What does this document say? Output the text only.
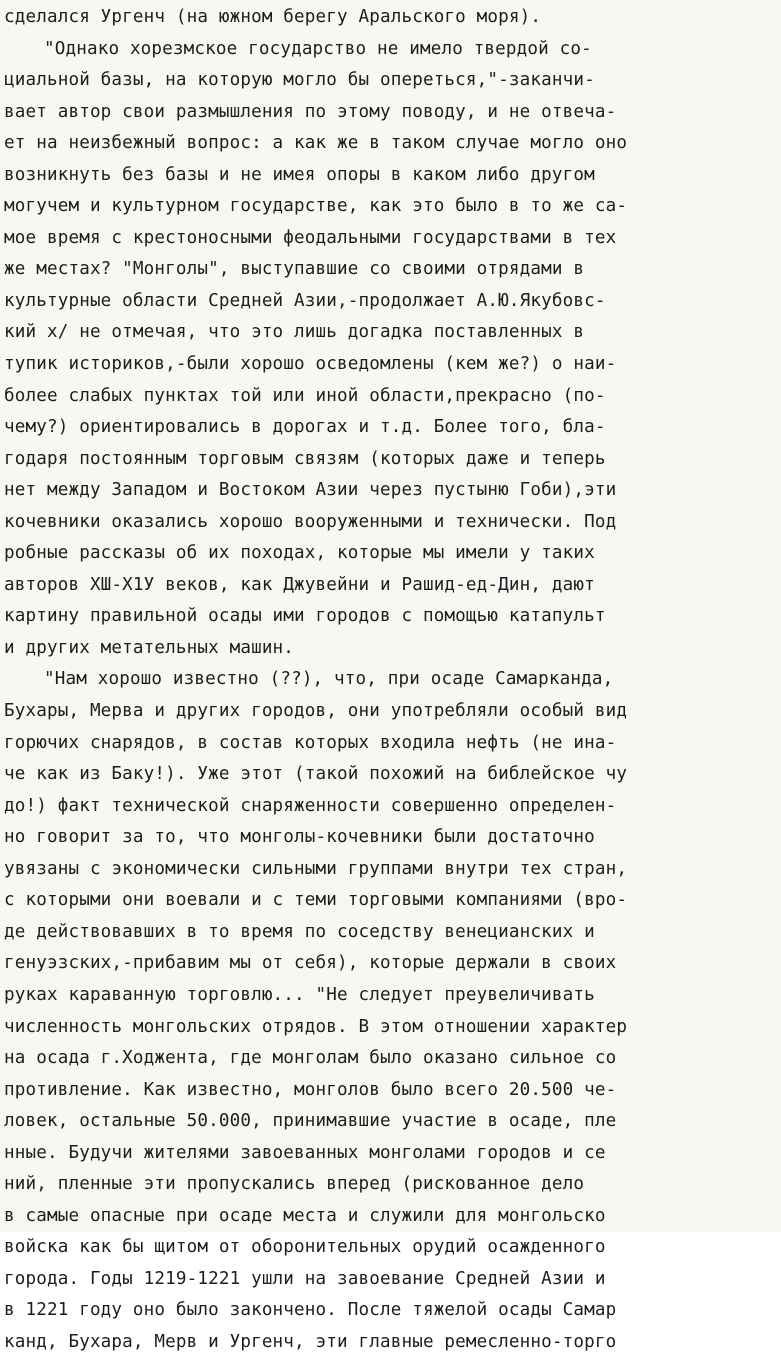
сделался Ургенч (на южном берегу Аральского моря).
"Однако хорезмское государство не имело твердой со-
циальной базы, на которую могло бы опереться,"-заканчи-
вает автор свои размышления по этому поводу, и не отвеча-
ет на неизбежный вопрос: а как же в таком случае могло оно
возникнуть без базы и не имея опоры в каком либо другом
могучем и культурном государстве, как это было в то же са-
мое время с крестоносными феодальными государствами в тех
же местах? "Монголы", выступавшие со своими отрядами в
культурные области Средней Азии,-продолжает А.Ю.Якубовс-
кий х/ не отмечая, что это лишь догадка поставленных в
тупик историков,-были хорошо осведомлены (кем же?) о наи-
более слабых пунктах той или иной области,прекрасно (по-
чему?) ориентировались в дорогах и т.д. Более того, бла-
годаря постоянным торговым связям (которых даже и теперь
нет между Западом и Востоком Азии через пустыню Гоби),эти
кочевники оказались хорошо вооруженными и технически. Под
робные рассказы об их походах, которые мы имели у таких
авторов ХШ-Х1У веков, как Джувейни и Рашид-ед-Дин, дают
картину правильной осады ими городов с помощью катапульт
и других метательных машин.
"Нам хорошо известно (??), что, при осаде Самарканда,
Бухары, Мерва и других городов, они употребляли особый вид
горючих снарядов, в состав которых входила нефть (не ина-
че как из Баку!). Уже этот (такой похожий на библейское чу
до!) факт технической снаряженности совершенно определен-
но говорит за то, что монголы-кочевники были достаточно
увязаны с экономически сильными группами внутри тех стран,
с которыми они воевали и с теми торговыми компаниями (вро-
де действовавших в то время по соседству венецианских и
генуэзских,-прибавим мы от себя), которые держали в своих
руках караванную торговлю... "Не следует преувеличивать
численность монгольских отрядов. В этом отношении характер
на осада г.Ходжента, где монголам было оказано сильное со
противление. Как известно, монголов было всего 20.500 че-
ловек, остальные 50.000, принимавшие участие в осаде, пле
нные. Будучи жителями завоеванных монголами городов и се
ний, пленные эти пропускались вперед (рискованное дело
в самые опасные при осаде места и служили для монгольско
войска как бы щитом от оборонительных орудий осажденного
города. Годы 1219-1221 ушли на завоевание Средней Азии и
в 1221 году оно было закончено. После тяжелой осады Самар
канд, Бухара, Мерв и Ургенч, эти главные ремесленно-торго
